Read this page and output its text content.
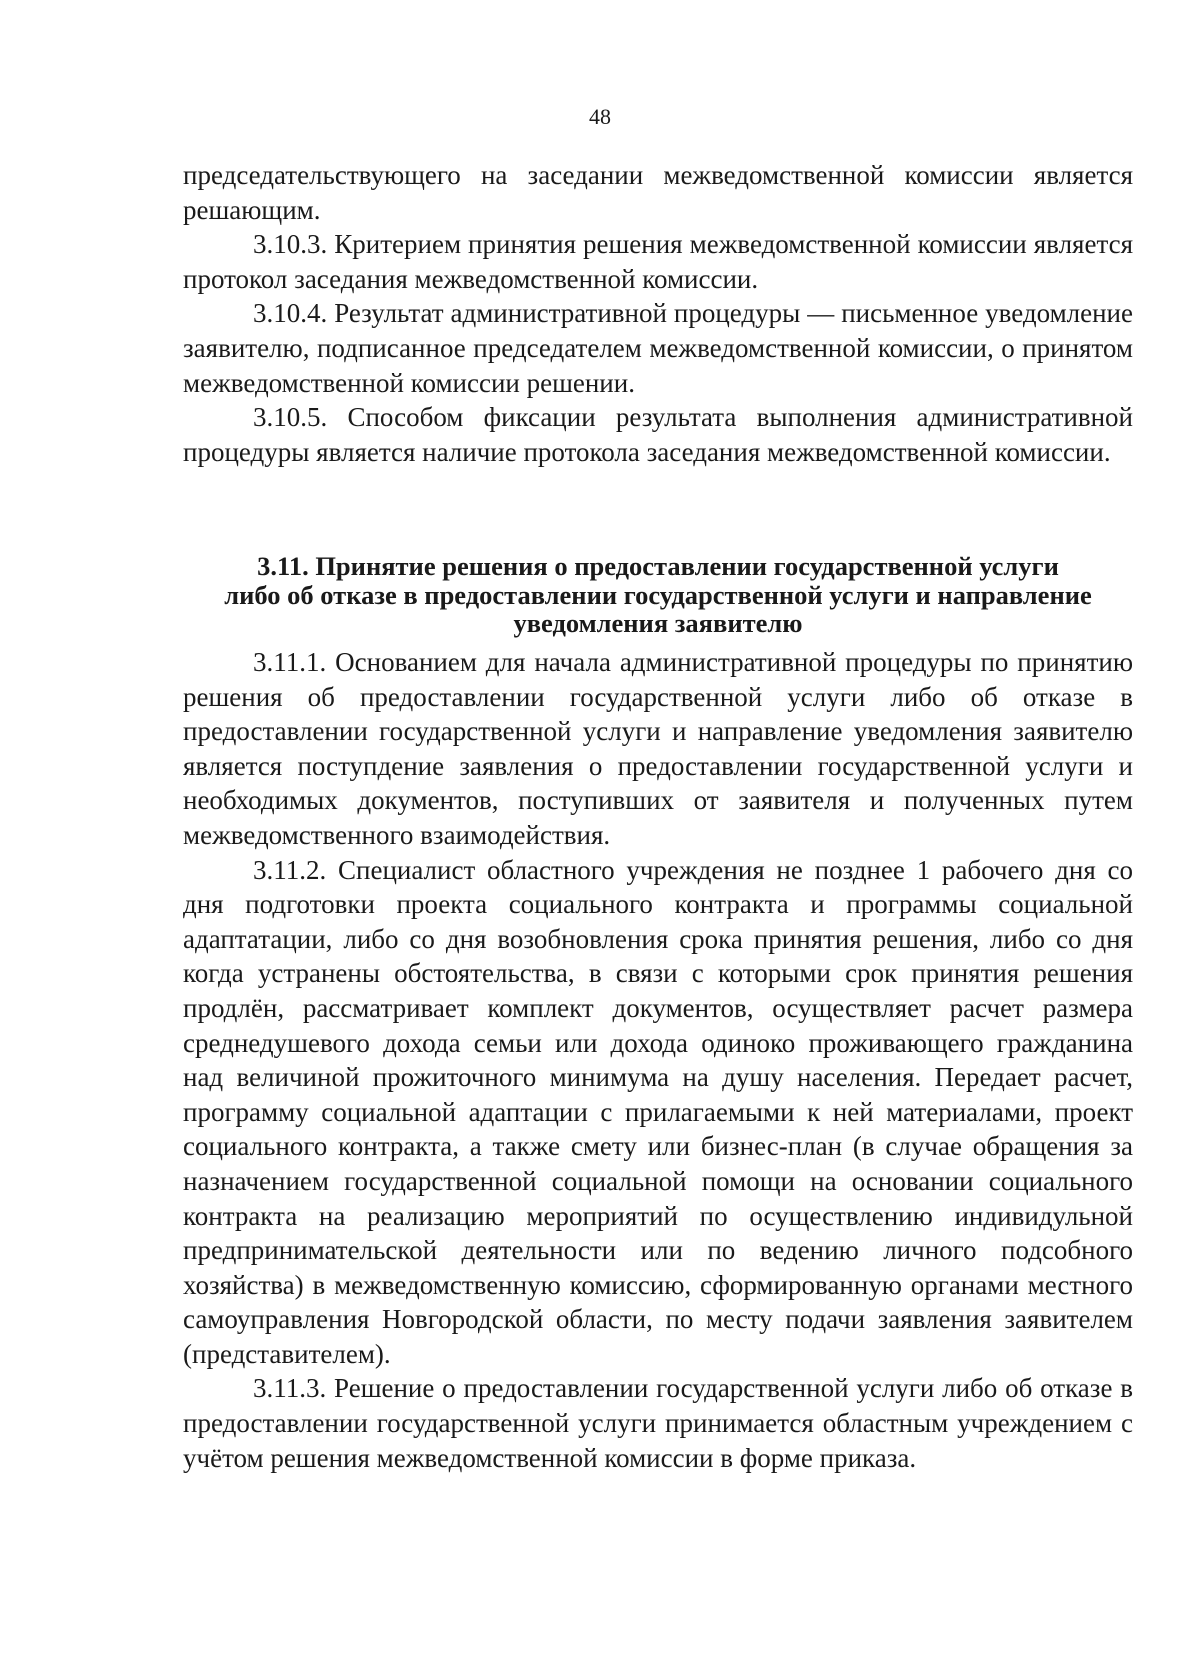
48

председательствующего на заседании межведомственной комиссии является решающим.

3.10.3. Критерием принятия решения межведомственной комиссии является протокол заседания межведомственной комиссии.

3.10.4. Результат административной процедуры — письменное уведомление заявителю, подписанное председателем межведомственной комиссии, о принятом межведомственной комиссии решении.

3.10.5. Способом фиксации результата выполнения административной процедуры является наличие протокола заседания межведомственной комиссии.

3.11. Принятие решения о предоставлении государственной услуги
либо об отказе в предоставлении государственной услуги и направление
уведомления заявителю

3.11.1. Основанием для начала административной процедуры по принятию решения об предоставлении государственной услуги либо об отказе в предоставлении государственной услуги и направление уведомления заявителю является поступдение заявления о предоставлении государственной услуги и необходимых документов, поступивших от заявителя и полученных путем межведомственного взаимодействия.

3.11.2. Специалист областного учреждения не позднее 1 рабочего дня со дня подготовки проекта социального контракта и программы социальной адаптатации, либо со дня возобновления срока принятия решения, либо со дня когда устранены обстоятельства, в связи с которыми срок принятия решения продлён, рассматривает комплект документов, осуществляет расчет размера среднедушевого дохода семьи или дохода одиноко проживающего гражданина над величиной прожиточного минимума на душу населения. Передает расчет, программу социальной адаптации с прилагаемыми к ней материалами, проект социального контракта, а также смету или бизнес-план (в случае обращения за назначением государственной социальной помощи на основании социального контракта на реализацию мероприятий по осуществлению индивидульной предпринимательской деятельности или по ведению личного подсобного хозяйства) в межведомственную комиссию, сформированную органами местного самоуправления Новгородской области, по месту подачи заявления заявителем (представителем).

3.11.3. Решение о предоставлении государственной услуги либо об отказе в предоставлении государственной услуги принимается областным учреждением с учётом решения межведомственной комиссии в форме приказа.
